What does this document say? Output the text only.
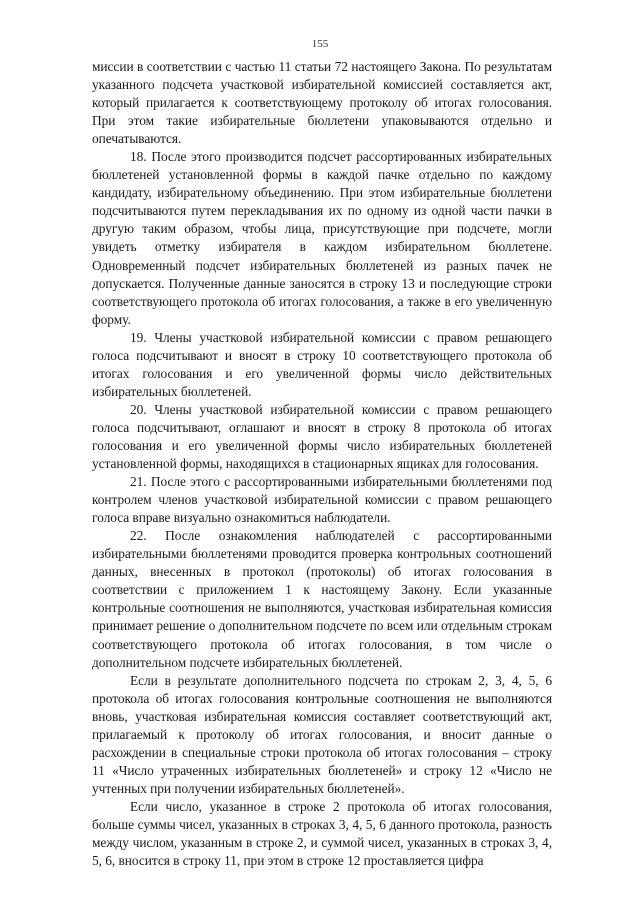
155

миссии в соответствии с частью 11 статьи 72 настоящего Закона. По результатам указанного подсчета участковой избирательной комиссией составляется акт, который прилагается к соответствующему протоколу об итогах голосования. При этом такие избирательные бюллетени упаковываются отдельно и опечатываются.

18. После этого производится подсчет рассортированных избирательных бюллетеней установленной формы в каждой пачке отдельно по каждому кандидату, избирательному объединению. При этом избирательные бюллетени подсчитываются путем перекладывания их по одному из одной части пачки в другую таким образом, чтобы лица, присутствующие при подсчете, могли увидеть отметку избирателя в каждом избирательном бюллетене. Одновременный подсчет избирательных бюллетеней из разных пачек не допускается. Полученные данные заносятся в строку 13 и последующие строки соответствующего протокола об итогах голосования, а также в его увеличенную форму.

19. Члены участковой избирательной комиссии с правом решающего голоса подсчитывают и вносят в строку 10 соответствующего протокола об итогах голосования и его увеличенной формы число действительных избирательных бюллетеней.

20. Члены участковой избирательной комиссии с правом решающего голоса подсчитывают, оглашают и вносят в строку 8 протокола об итогах голосования и его увеличенной формы число избирательных бюллетеней установленной формы, находящихся в стационарных ящиках для голосования.

21. После этого с рассортированными избирательными бюллетенями под контролем членов участковой избирательной комиссии с правом решающего голоса вправе визуально ознакомиться наблюдатели.

22. После ознакомления наблюдателей с рассортированными избирательными бюллетенями проводится проверка контрольных соотношений данных, внесенных в протокол (протоколы) об итогах голосования в соответствии с приложением 1 к настоящему Закону. Если указанные контрольные соотношения не выполняются, участковая избирательная комиссия принимает решение о дополнительном подсчете по всем или отдельным строкам соответствующего протокола об итогах голосования, в том числе о дополнительном подсчете избирательных бюллетеней.

Если в результате дополнительного подсчета по строкам 2, 3, 4, 5, 6 протокола об итогах голосования контрольные соотношения не выполняются вновь, участковая избирательная комиссия составляет соответствующий акт, прилагаемый к протоколу об итогах голосования, и вносит данные о расхождении в специальные строки протокола об итогах голосования – строку 11 «Число утраченных избирательных бюллетеней» и строку 12 «Число не учтенных при получении избирательных бюллетеней».

Если число, указанное в строке 2 протокола об итогах голосования, больше суммы чисел, указанных в строках 3, 4, 5, 6 данного протокола, разность между числом, указанным в строке 2, и суммой чисел, указанных в строках 3, 4, 5, 6, вносится в строку 11, при этом в строке 12 проставляется цифра
